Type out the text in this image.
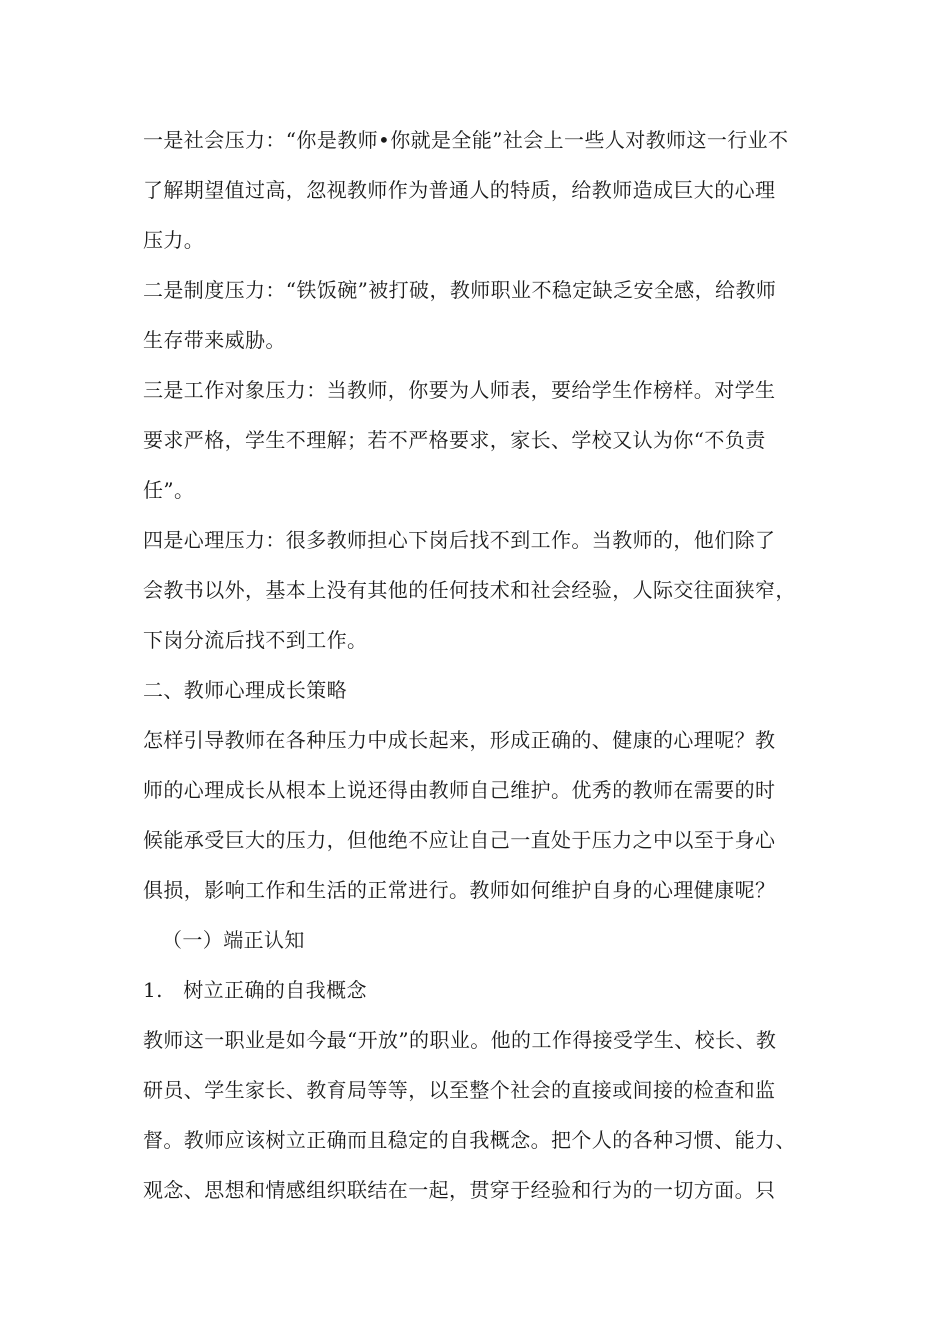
一是社会压力：“你是教师•你就是全能”社会上一些人对教师这一行业不
了解期望值过高，忽视教师作为普通人的特质，给教师造成巨大的心理
压力。
二是制度压力：“铁饭碗”被打破，教师职业不稳定缺乏安全感，给教师
生存带来威胁。
三是工作对象压力：当教师，你要为人师表，要给学生作榜样。对学生
要求严格，学生不理解；若不严格要求，家长、学校又认为你“不负责
任”。
四是心理压力：很多教师担心下岗后找不到工作。当教师的，他们除了
会教书以外，基本上没有其他的任何技术和社会经验，人际交往面狭窄，
下岗分流后找不到工作。
二、教师心理成长策略
怎样引导教师在各种压力中成长起来，形成正确的、健康的心理呢？教
师的心理成长从根本上说还得由教师自己维护。优秀的教师在需要的时
候能承受巨大的压力，但他绝不应让自己一直处于压力之中以至于身心
俱损，影响工作和生活的正常进行。教师如何维护自身的心理健康呢？
（一）端正认知
1.　树立正确的自我概念
教师这一职业是如今最“开放”的职业。他的工作得接受学生、校长、教
研员、学生家长、教育局等等，以至整个社会的直接或间接的检查和监
督。教师应该树立正确而且稳定的自我概念。把个人的各种习惯、能力、
观念、思想和情感组织联结在一起，贯穿于经验和行为的一切方面。只
